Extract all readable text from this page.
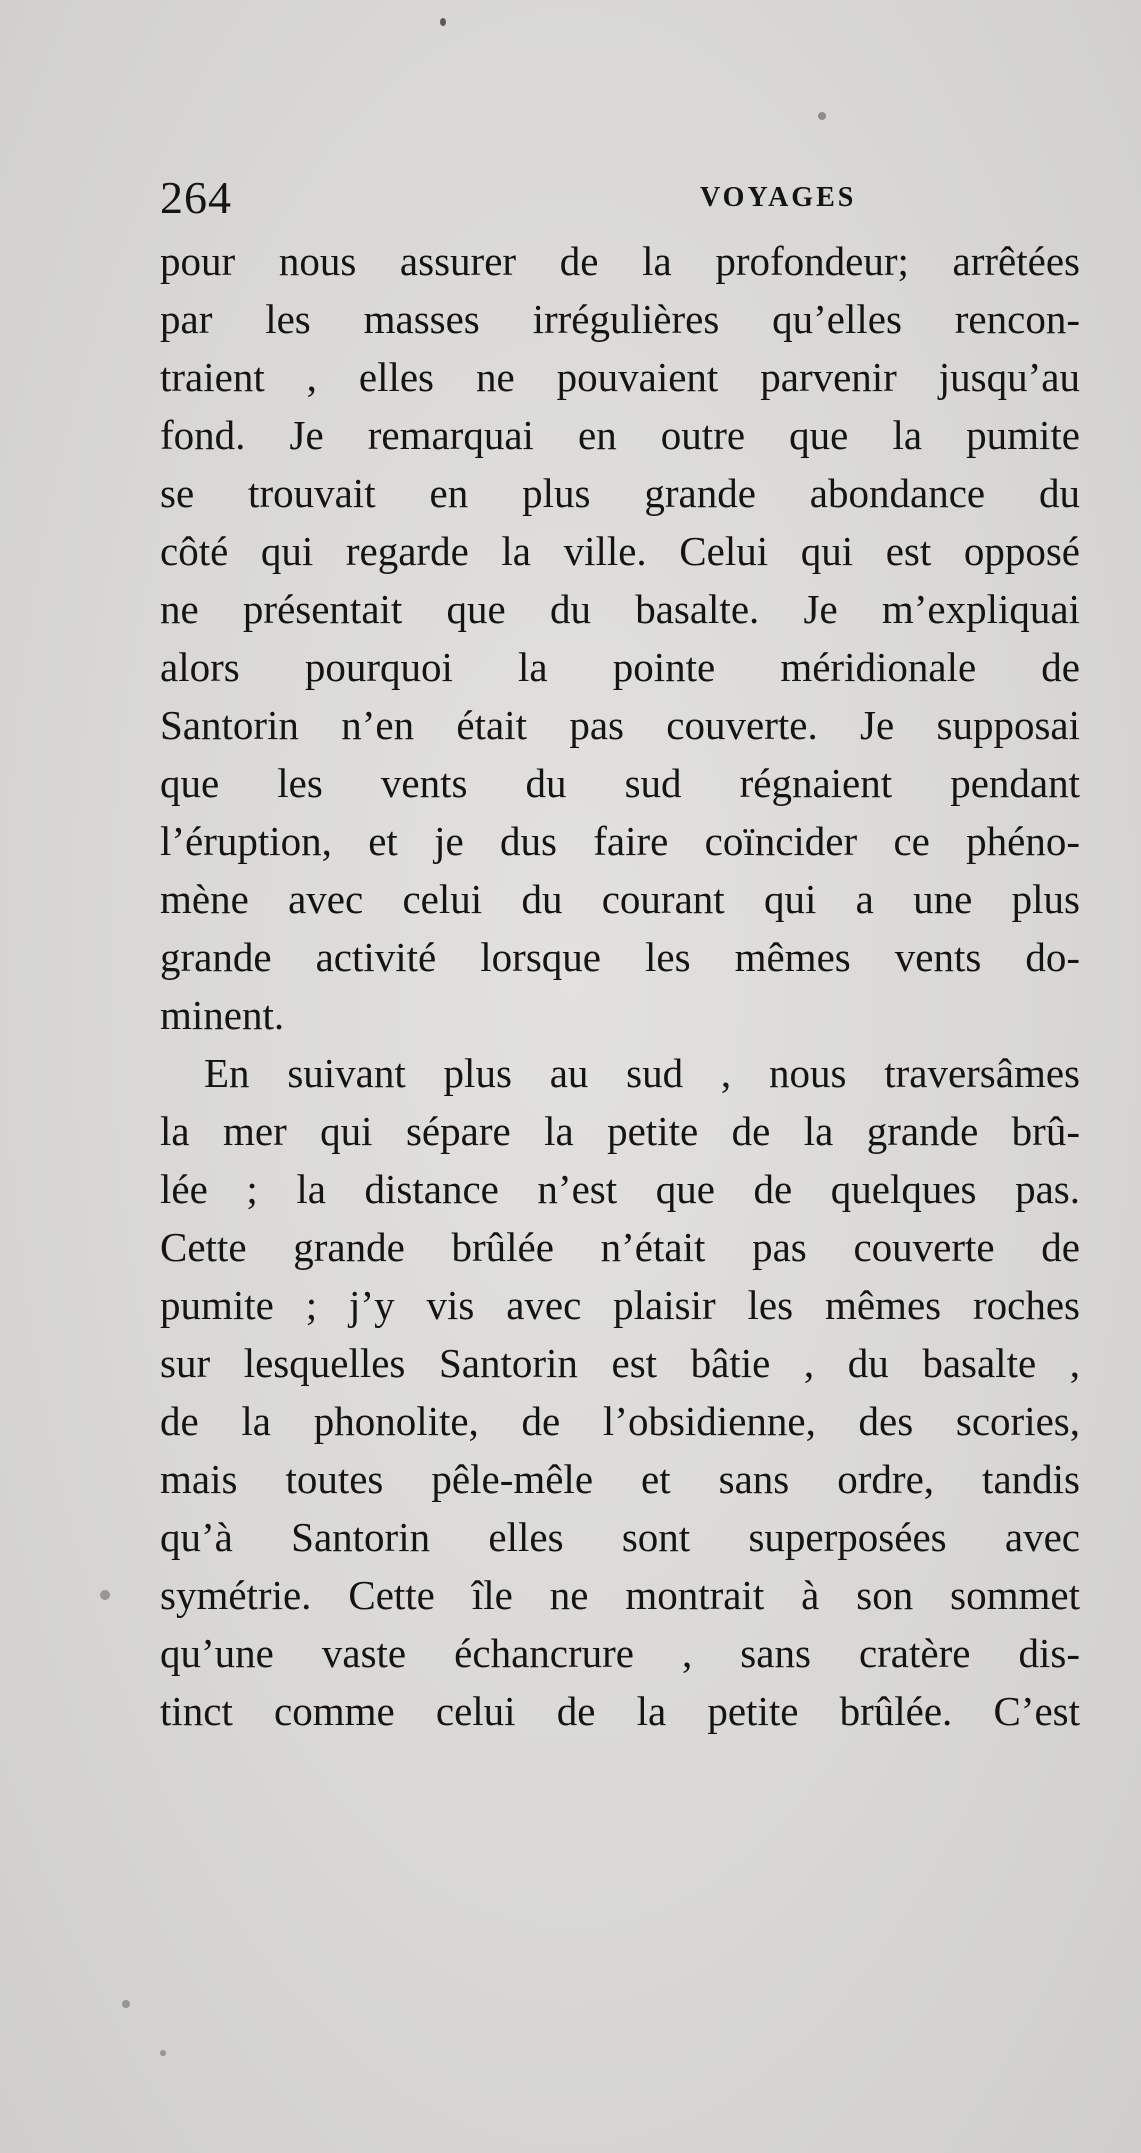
264	VOYAGES
pour nous assurer de la profondeur; arrêtées
par les masses irrégulières qu’elles rencon-
traient , elles ne pouvaient parvenir jusqu’au
fond. Je remarquai en outre que la pumite
se trouvait en plus grande abondance du
côté qui regarde la ville. Celui qui est opposé
ne présentait que du basalte. Je m’expliquai
alors pourquoi la pointe méridionale de
Santorin n’en était pas couverte. Je supposai
que les vents du sud régnaient pendant
l’éruption, et je dus faire coïncider ce phéno-
mène avec celui du courant qui a une plus
grande activité lorsque les mêmes vents do-
minent.
En suivant plus au sud , nous traversâmes
la mer qui sépare la petite de la grande brû-
lée ; la distance n’est que de quelques pas.
Cette grande brûlée n’était pas couverte de
pumite ; j’y vis avec plaisir les mêmes roches
sur lesquelles Santorin est bâtie , du basalte ,
de la phonolite, de l’obsidienne, des scories,
mais toutes pêle-mêle et sans ordre, tandis
qu’à Santorin elles sont superposées avec
symétrie. Cette île ne montrait à son sommet
qu’une vaste échancrure , sans cratère dis-
tinct comme celui de la petite brûlée. C’est
